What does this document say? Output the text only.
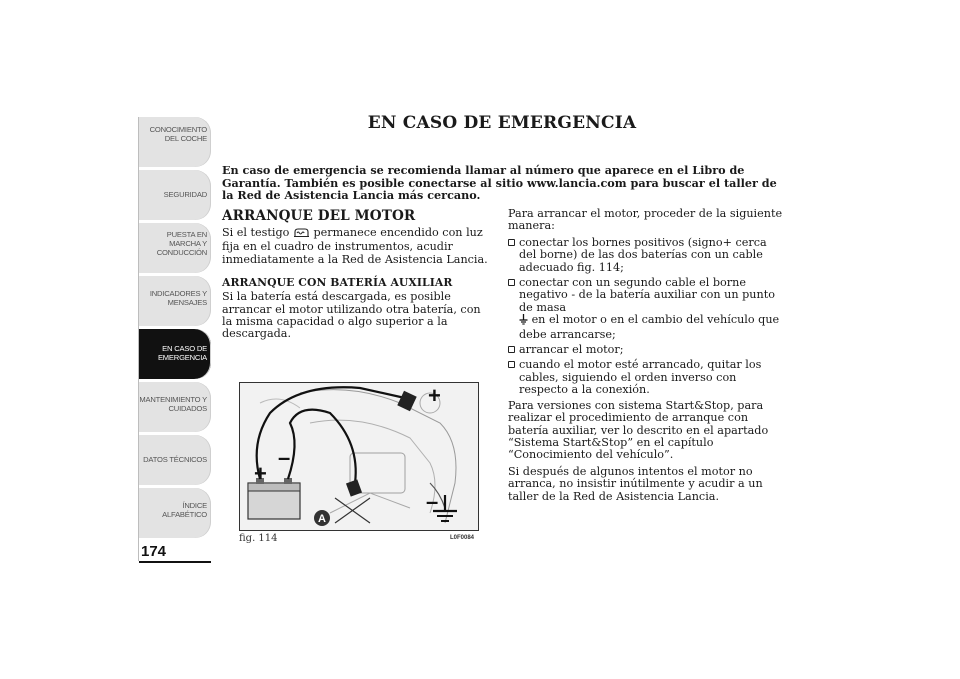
CONOCIMIENTO DEL COCHE
SEGURIDAD
PUESTA EN MARCHA Y CONDUCCIÓN
INDICADORES Y MENSAJES
EN CASO DE EMERGENCIA
MANTENIMIENTO Y CUIDADOS
DATOS TÉCNICOS
ÍNDICE ALFABÉTICO
174
EN CASO DE EMERGENCIA
En caso de emergencia se recomienda llamar al número que aparece en el Libro de Garantía. También es posible conectarse al sitio www.lancia.com para buscar el taller de la Red de Asistencia Lancia más cercano.
ARRANQUE DEL MOTOR

Si el testigo permanece encendido con luz fija en el cuadro de instrumentos, acudir inmediatamente a la Red de Asistencia Lancia.

ARRANQUE CON BATERÍA AUXILIAR

Si la batería está descargada, es posible arrancar el motor utilizando otra batería, con la misma capacidad o algo superior a la descargada.

Para arrancar el motor, proceder de la siguiente manera:

conectar los bornes positivos (signo+ cerca del borne) de las dos baterías con un cable adecuado fig. 114;
conectar con un segundo cable el borne negativo - de la batería auxiliar con un punto de masa
en el motor o en el cambio del vehículo que debe arrancarse;
arrancar el motor;
cuando el motor esté arrancado, quitar los cables, siguiendo el orden inverso con respecto a la conexión.

Para versiones con sistema Start&Stop, para realizar el procedimiento de arranque con batería auxiliar, ver lo descrito en el apartado “Sistema Start&Stop” en el capítulo “Conocimiento del vehículo”.

Si después de algunos intentos el motor no arranca, no insistir inútilmente y acudir a un taller de la Red de Asistencia Lancia.

A
+
–
+
–
fig. 114	L0F0084
